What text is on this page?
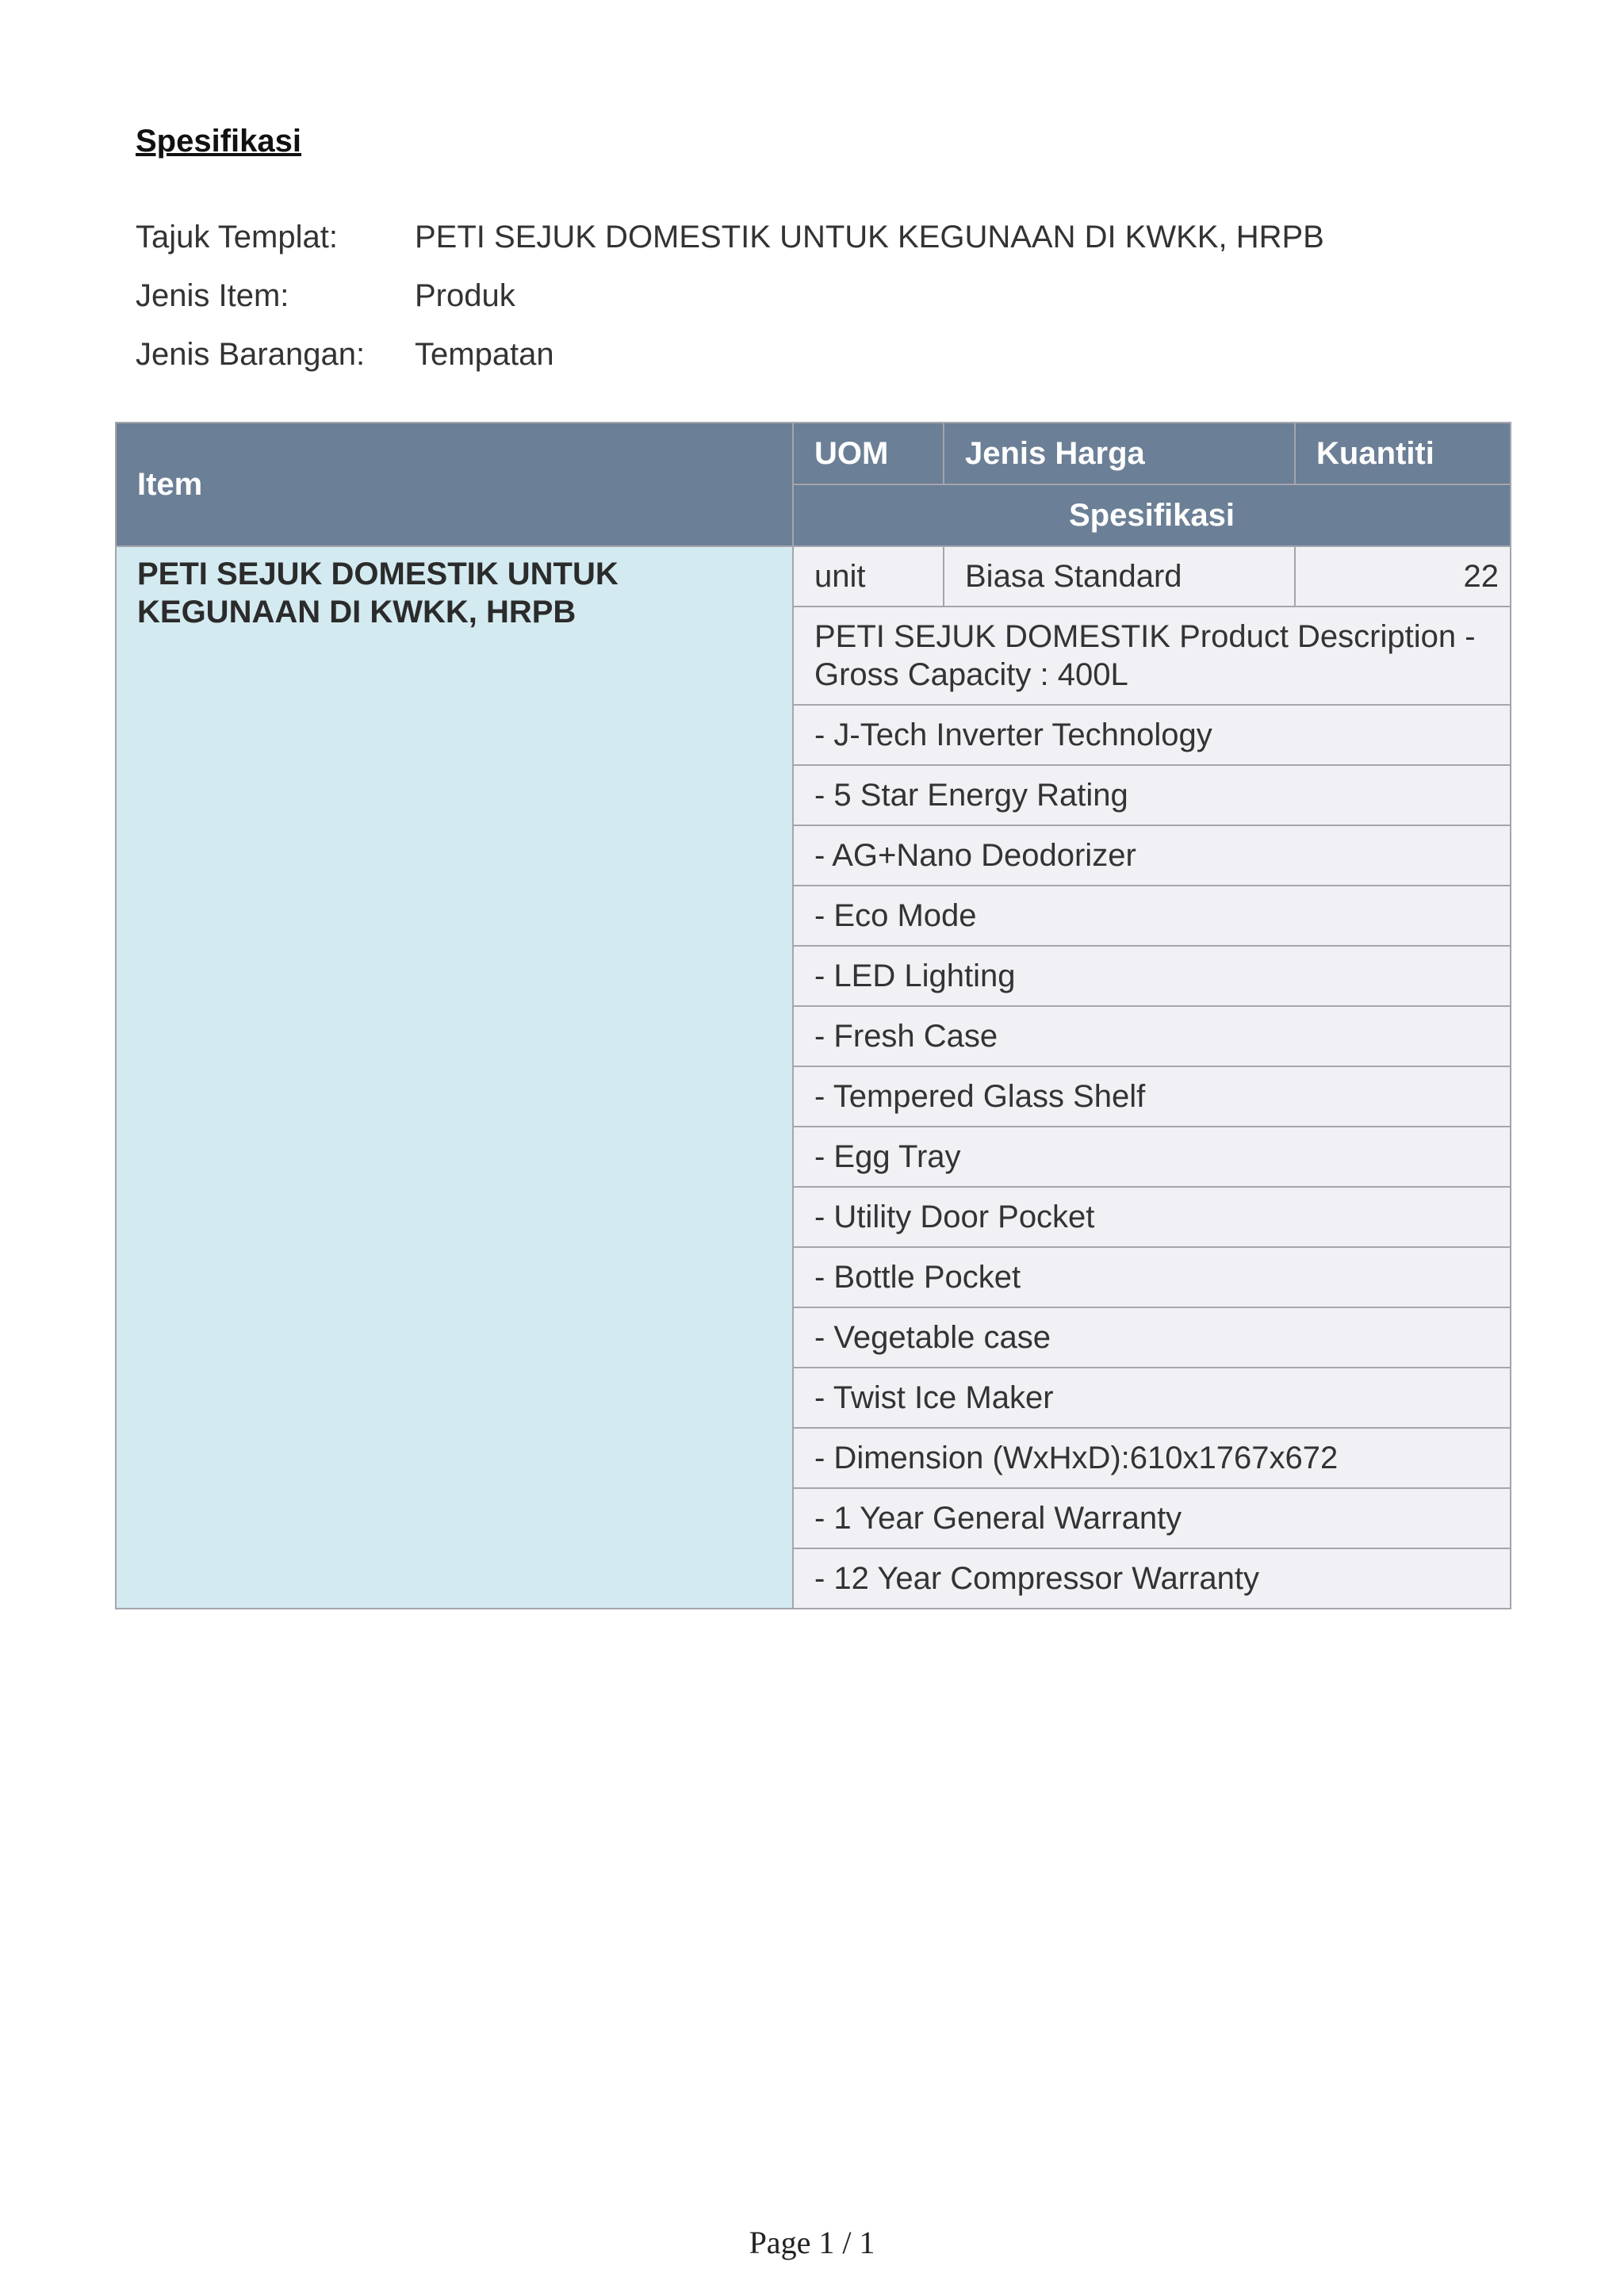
Spesifikasi
Tajuk Templat:	PETI SEJUK DOMESTIK UNTUK KEGUNAAN DI KWKK, HRPB
Jenis Item:	Produk
Jenis Barangan:	Tempatan
Item	UOM	Jenis Harga	Kuantiti
	Spesifikasi		
PETI SEJUK DOMESTIK UNTUK KEGUNAAN DI KWKK, HRPB	unit	Biasa Standard	22
	PETI SEJUK DOMESTIK Product Description - Gross Capacity : 400L		
	- J-Tech Inverter Technology		
	- 5 Star Energy Rating		
	- AG+Nano Deodorizer		
	- Eco Mode		
	- LED Lighting		
	- Fresh Case		
	- Tempered Glass Shelf		
	- Egg Tray		
	- Utility Door Pocket		
	- Bottle Pocket		
	- Vegetable case		
	- Twist Ice Maker		
	- Dimension (WxHxD):610x1767x672		
	- 1 Year General Warranty		
	- 12 Year Compressor Warranty		
Page 1 / 1
